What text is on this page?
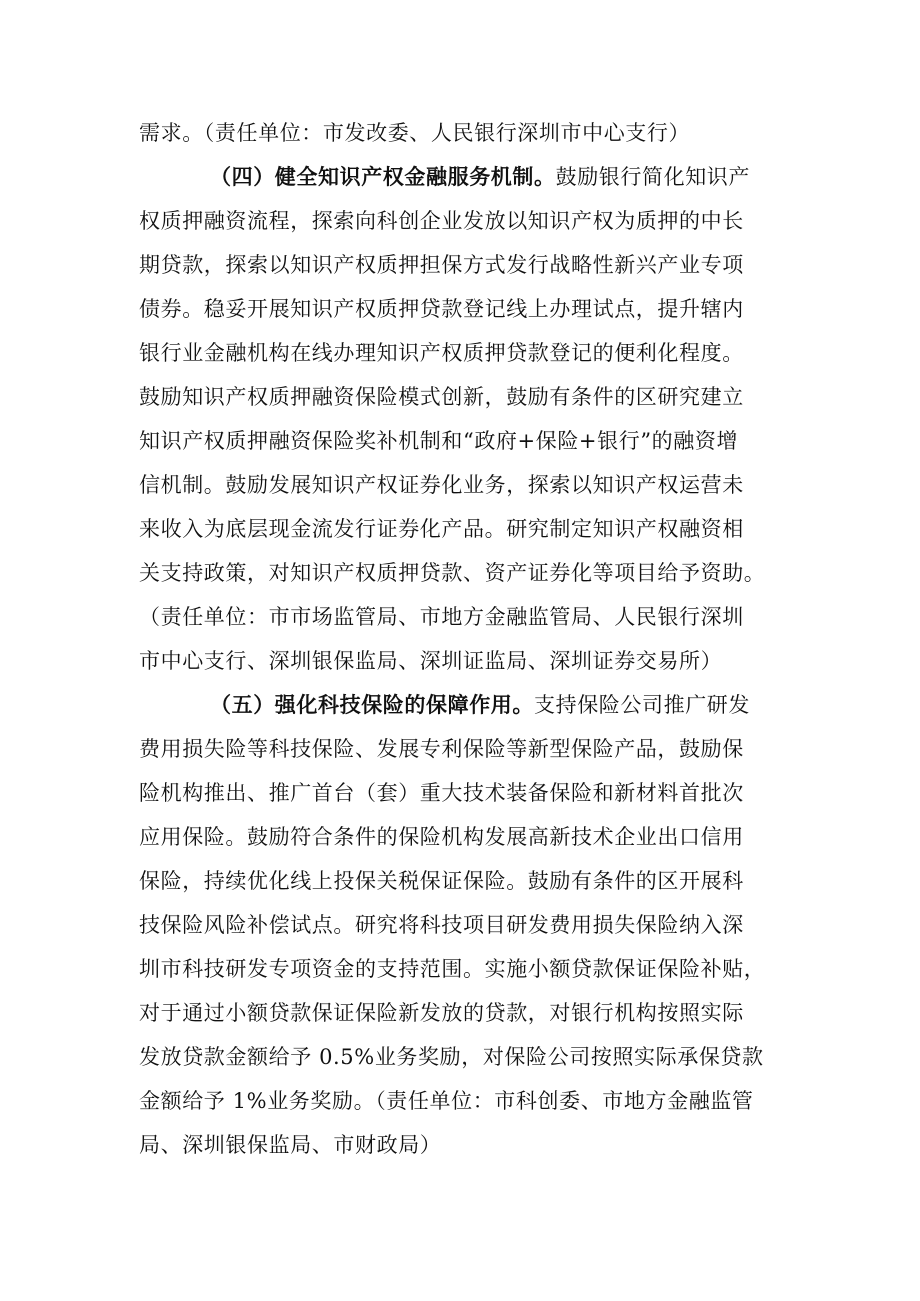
需求。（责任单位：市发改委、人民银行深圳市中心支行）
（四）健全知识产权金融服务机制。鼓励银行简化知识产
权质押融资流程，探索向科创企业发放以知识产权为质押的中长
期贷款，探索以知识产权质押担保方式发行战略性新兴产业专项
债券。稳妥开展知识产权质押贷款登记线上办理试点，提升辖内
银行业金融机构在线办理知识产权质押贷款登记的便利化程度。
鼓励知识产权质押融资保险模式创新，鼓励有条件的区研究建立
知识产权质押融资保险奖补机制和“政府+保险+银行”的融资增
信机制。鼓励发展知识产权证券化业务，探索以知识产权运营未
来收入为底层现金流发行证券化产品。研究制定知识产权融资相
关支持政策，对知识产权质押贷款、资产证券化等项目给予资助。
（责任单位：市市场监管局、市地方金融监管局、人民银行深圳
市中心支行、深圳银保监局、深圳证监局、深圳证券交易所）
（五）强化科技保险的保障作用。支持保险公司推广研发
费用损失险等科技保险、发展专利保险等新型保险产品，鼓励保
险机构推出、推广首台（套）重大技术装备保险和新材料首批次
应用保险。鼓励符合条件的保险机构发展高新技术企业出口信用
保险，持续优化线上投保关税保证保险。鼓励有条件的区开展科
技保险风险补偿试点。研究将科技项目研发费用损失保险纳入深
圳市科技研发专项资金的支持范围。实施小额贷款保证保险补贴，
对于通过小额贷款保证保险新发放的贷款，对银行机构按照实际
发放贷款金额给予 0.5%业务奖励，对保险公司按照实际承保贷款
金额给予 1%业务奖励。（责任单位：市科创委、市地方金融监管
局、深圳银保监局、市财政局）
